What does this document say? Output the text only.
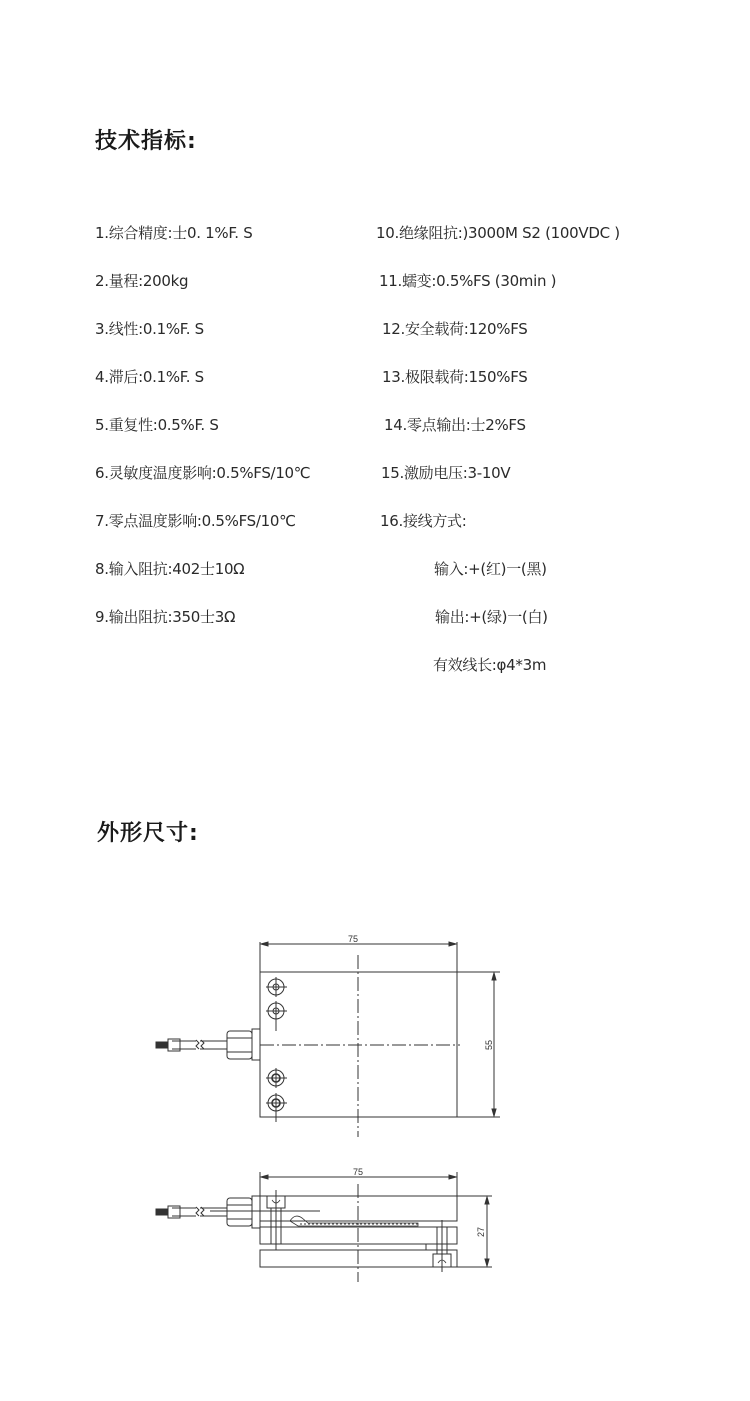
技术指标:
1.综合精度:士0. 1%F. S
2.量程:200kg
3.线性:0.1%F. S
4.滞后:0.1%F. S
5.重复性:0.5%F. S
6.灵敏度温度影响:0.5%FS/10℃
7.零点温度影响:0.5%FS/10℃
8.输入阻抗:402士10Ω
9.输出阻抗:350士3Ω
10.绝缘阻抗:)3000M S2 (100VDC )
11.蠕变:0.5%FS (30min )
12.安全载荷:120%FS
13.极限载荷:150%FS
14.零点输出:士2%FS
15.激励电压:3-10V
16.接线方式:
输入:+(红)一(黑)
输出:+(绿)一(白)
有效线长:φ4*3m
外形尺寸:
75
55
75
27
